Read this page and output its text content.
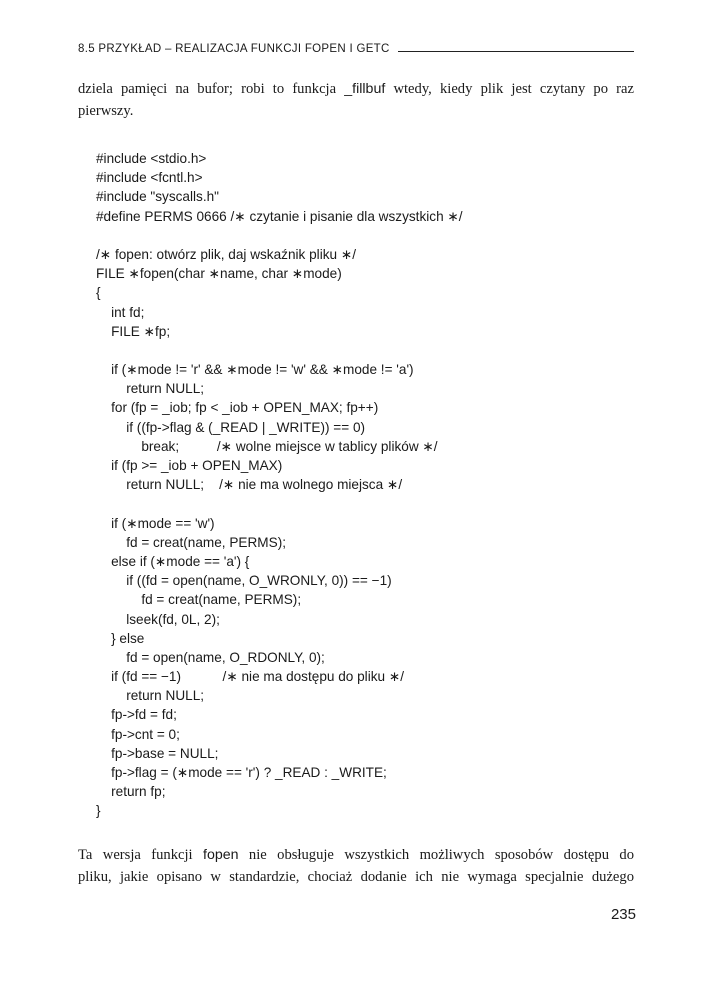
8.5 PRZYKŁAD – REALIZACJA FUNKCJI FOPEN I GETC
dziela pamięci na bufor; robi to funkcja _fillbuf wtedy, kiedy plik jest czytany po raz
pierwszy.
#include <stdio.h>
#include <fcntl.h>
#include "syscalls.h"
#define PERMS 0666 /∗ czytanie i pisanie dla wszystkich ∗/
/∗ fopen: otwórz plik, daj wskaźnik pliku ∗/
FILE ∗fopen(char ∗name, char ∗mode)
{
int fd;
FILE ∗fp;
if (∗mode != 'r' && ∗mode != 'w' && ∗mode != 'a')
return NULL;
for (fp = _iob; fp < _iob + OPEN_MAX; fp++)
if ((fp->flag & (_READ | _WRITE)) == 0)
break;          /∗ wolne miejsce w tablicy plików ∗/
if (fp >= _iob + OPEN_MAX)
return NULL;    /∗ nie ma wolnego miejsca ∗/
if (∗mode == 'w')
fd = creat(name, PERMS);
else if (∗mode == 'a') {
if ((fd = open(name, O_WRONLY, 0)) == −1)
fd = creat(name, PERMS);
lseek(fd, 0L, 2);
} else
fd = open(name, O_RDONLY, 0);
if (fd == −1)           /∗ nie ma dostępu do pliku ∗/
return NULL;
fp->fd = fd;
fp->cnt = 0;
fp->base = NULL;
fp->flag = (∗mode == 'r') ? _READ : _WRITE;
return fp;
}
Ta wersja funkcji fopen nie obsługuje wszystkich możliwych sposobów dostępu do
pliku, jakie opisano w standardzie, chociaż dodanie ich nie wymaga specjalnie dużego
235
